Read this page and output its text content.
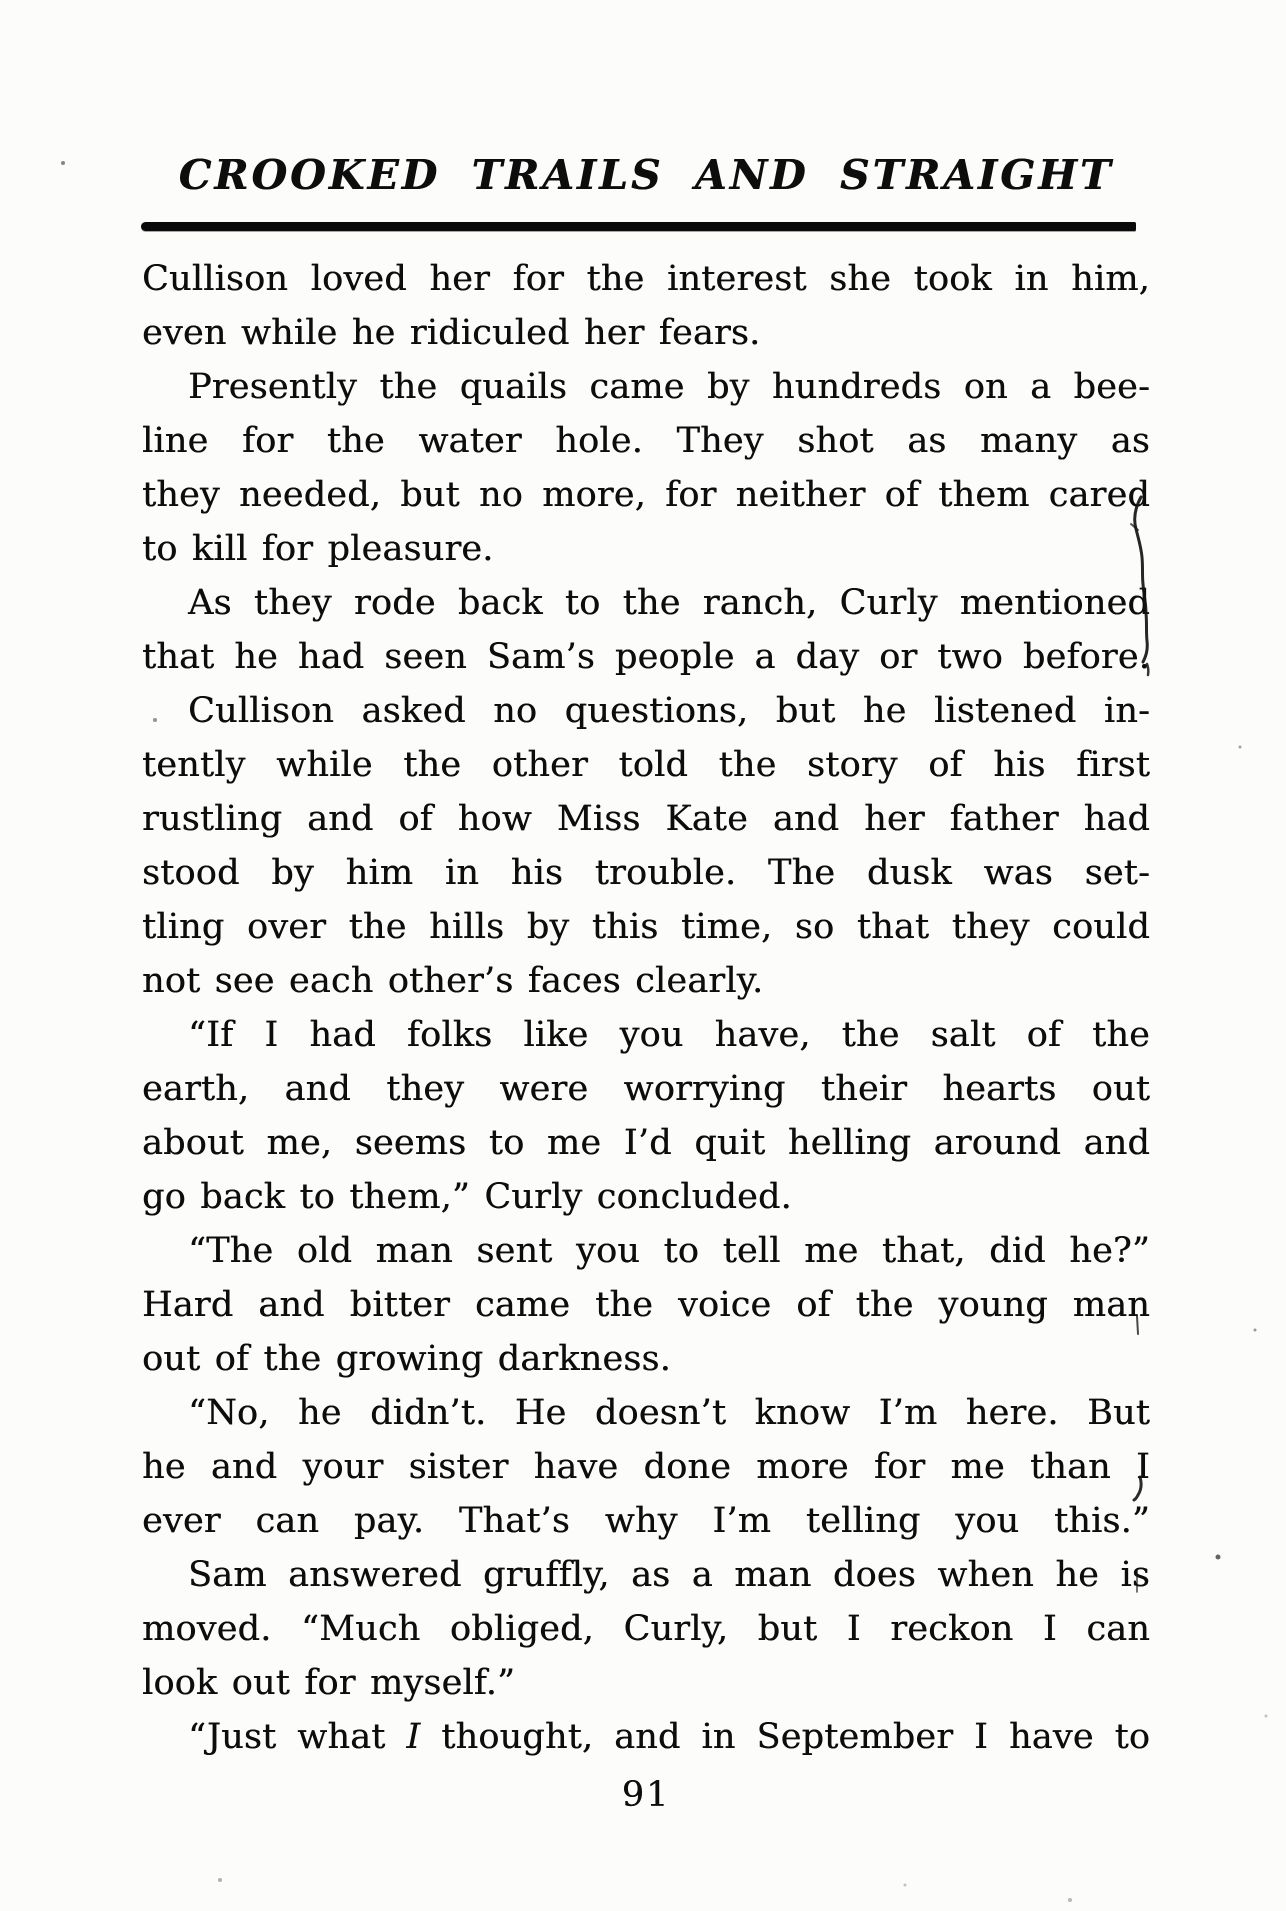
CROOKED TRAILS AND STRAIGHT
Cullison loved her for the interest she took in him,
even while he ridiculed her fears.
Presently the quails came by hundreds on a bee-
line for the water hole. They shot as many as
they needed, but no more, for neither of them cared
to kill for pleasure.
As they rode back to the ranch, Curly mentioned
that he had seen Sam’s people a day or two before.
Cullison asked no questions, but he listened in-
tently while the other told the story of his first
rustling and of how Miss Kate and her father had
stood by him in his trouble. The dusk was set-
tling over the hills by this time, so that they could
not see each other’s faces clearly.
“If I had folks like you have, the salt of the
earth, and they were worrying their hearts out
about me, seems to me I’d quit helling around and
go back to them,” Curly concluded.
“The old man sent you to tell me that, did he?”
Hard and bitter came the voice of the young man
out of the growing darkness.
“No, he didn’t. He doesn’t know I’m here. But
he and your sister have done more for me than I
ever can pay. That’s why I’m telling you this.”
Sam answered gruffly, as a man does when he is
moved. “Much obliged, Curly, but I reckon I can
look out for myself.”
“Just what I thought, and in September I have to
91
